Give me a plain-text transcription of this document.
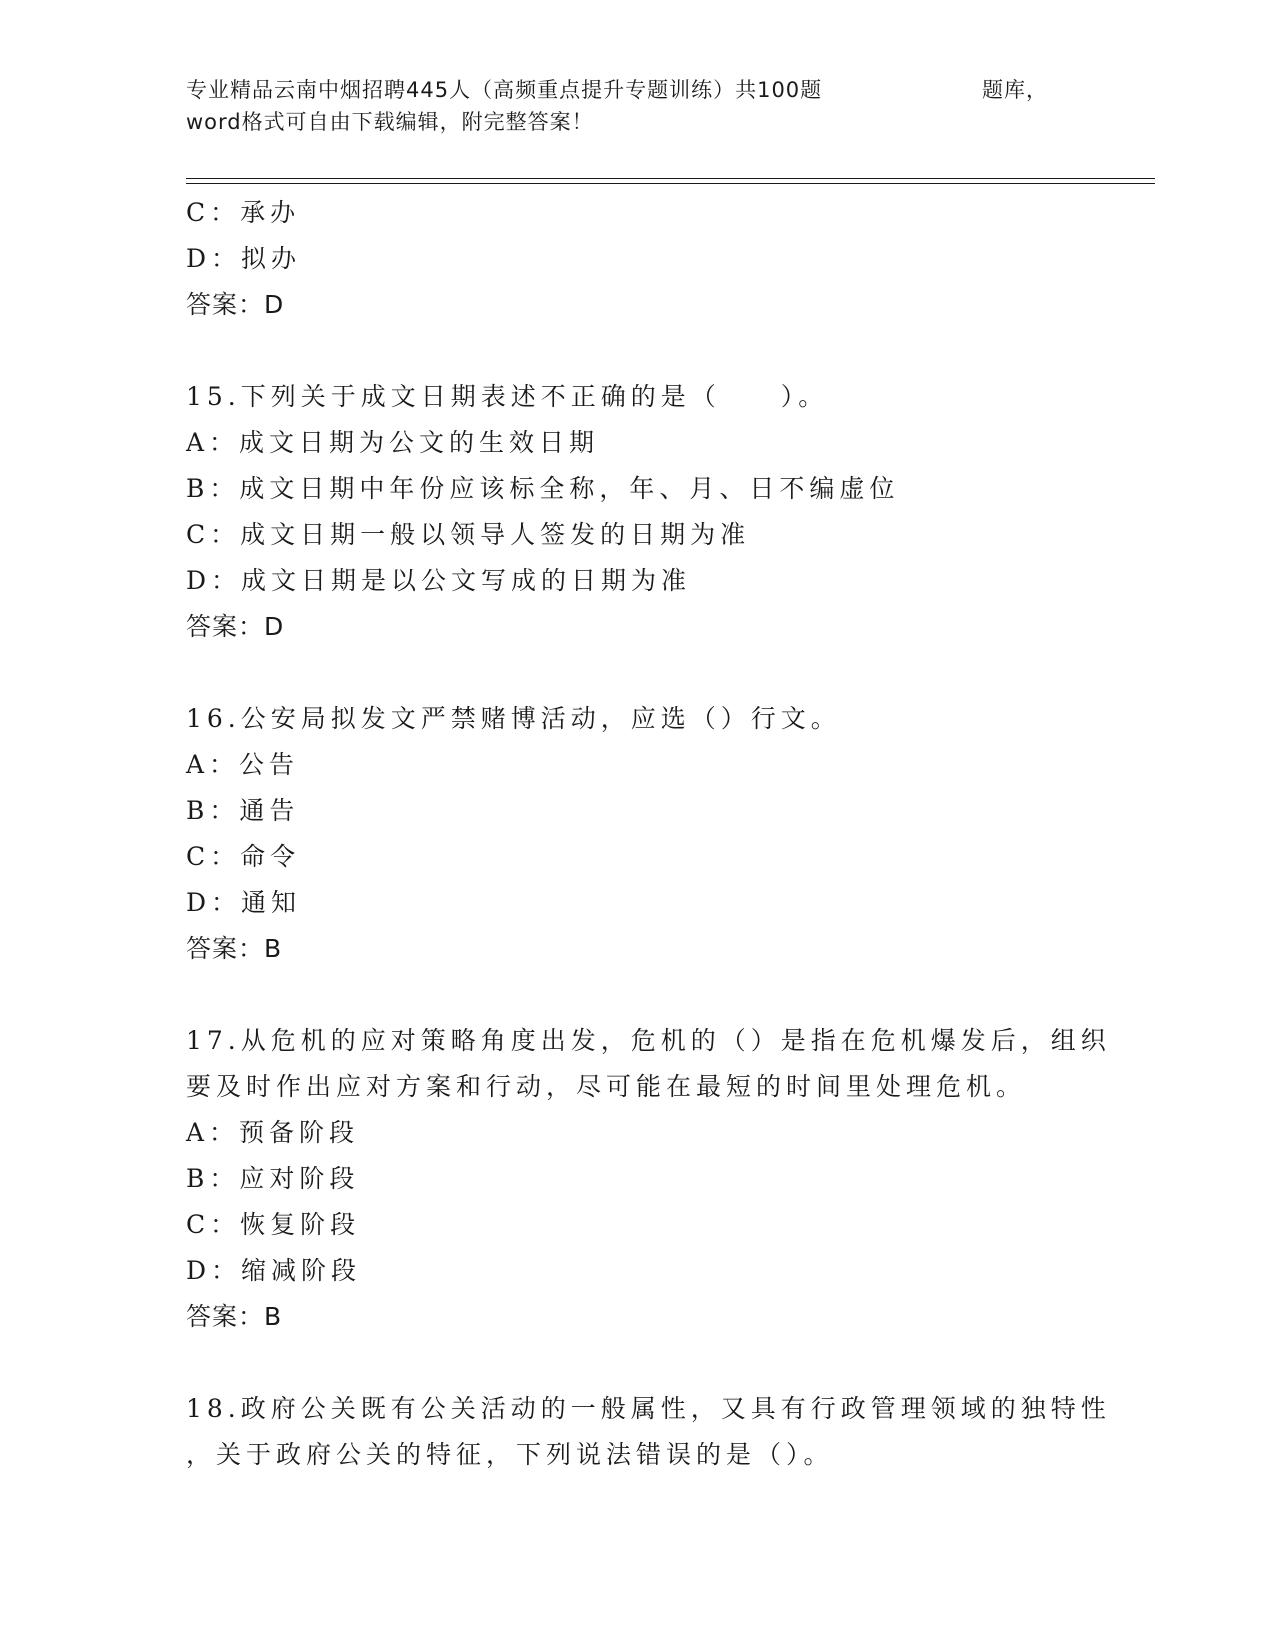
专业精品云南中烟招聘445人（高频重点提升专题训练）共100题	题库，
word格式可自由下载编辑，附完整答案！
C：承办
D：拟办
答案：D
15.下列关于成文日期表述不正确的是（　　）。
A：成文日期为公文的生效日期
B：成文日期中年份应该标全称，年、月、日不编虚位
C：成文日期一般以领导人签发的日期为准
D：成文日期是以公文写成的日期为准
答案：D
16.公安局拟发文严禁赌博活动，应选（）行文。
A：公告
B：通告
C：命令
D：通知
答案：B
17.从危机的应对策略角度出发，危机的（）是指在危机爆发后，组织
要及时作出应对方案和行动，尽可能在最短的时间里处理危机。
A：预备阶段
B：应对阶段
C：恢复阶段
D：缩减阶段
答案：B
18.政府公关既有公关活动的一般属性，又具有行政管理领域的独特性
，关于政府公关的特征，下列说法错误的是（）。
